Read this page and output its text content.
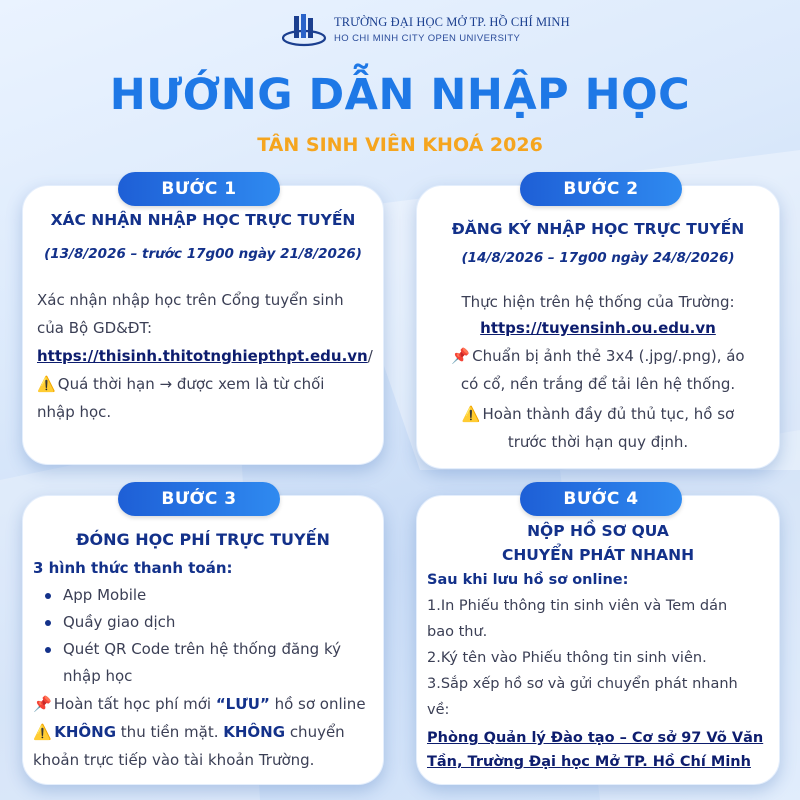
TRƯỜNG ĐẠI HỌC MỞ TP. HỒ CHÍ MINH
HO CHI MINH CITY OPEN UNIVERSITY
HƯỚNG DẪN NHẬP HỌC
TÂN SINH VIÊN KHOÁ 2026
XÁC NHẬN NHẬP HỌC TRỰC TUYẾN
(13/8/2026 – trước 17g00 ngày 21/8/2026)
Xác nhận nhập học trên Cổng tuyển sinh
của Bộ GD&ĐT:
https://thisinh.thitotnghiepthpt.edu.vn/
⚠️ Quá thời hạn → được xem là từ chối
nhập học.
BƯỚC 1
ĐĂNG KÝ NHẬP HỌC TRỰC TUYẾN
(14/8/2026 – 17g00 ngày 24/8/2026)
Thực hiện trên hệ thống của Trường:
https://tuyensinh.ou.edu.vn
📌 Chuẩn bị ảnh thẻ 3x4 (.jpg/.png), áo
có cổ, nền trắng để tải lên hệ thống.
⚠️ Hoàn thành đầy đủ thủ tục, hồ sơ
trước thời hạn quy định.
BƯỚC 2
ĐÓNG HỌC PHÍ TRỰC TUYẾN
3 hình thức thanh toán:
App Mobile
Quầy giao dịch
Quét QR Code trên hệ thống đăng ký
nhập học
📌 Hoàn tất học phí mới “LƯU” hồ sơ online
⚠️ KHÔNG thu tiền mặt. KHÔNG chuyển
khoản trực tiếp vào tài khoản Trường.
BƯỚC 3
NỘP HỒ SƠ QUA
CHUYỂN PHÁT NHANH
Sau khi lưu hồ sơ online:
1.In Phiếu thông tin sinh viên và Tem dán
bao thư.
2.Ký tên vào Phiếu thông tin sinh viên.
3.Sắp xếp hồ sơ và gửi chuyển phát nhanh
về:
Phòng Quản lý Đào tạo – Cơ sở 97 Võ Văn
Tần, Trường Đại học Mở TP. Hồ Chí Minh
BƯỚC 4
